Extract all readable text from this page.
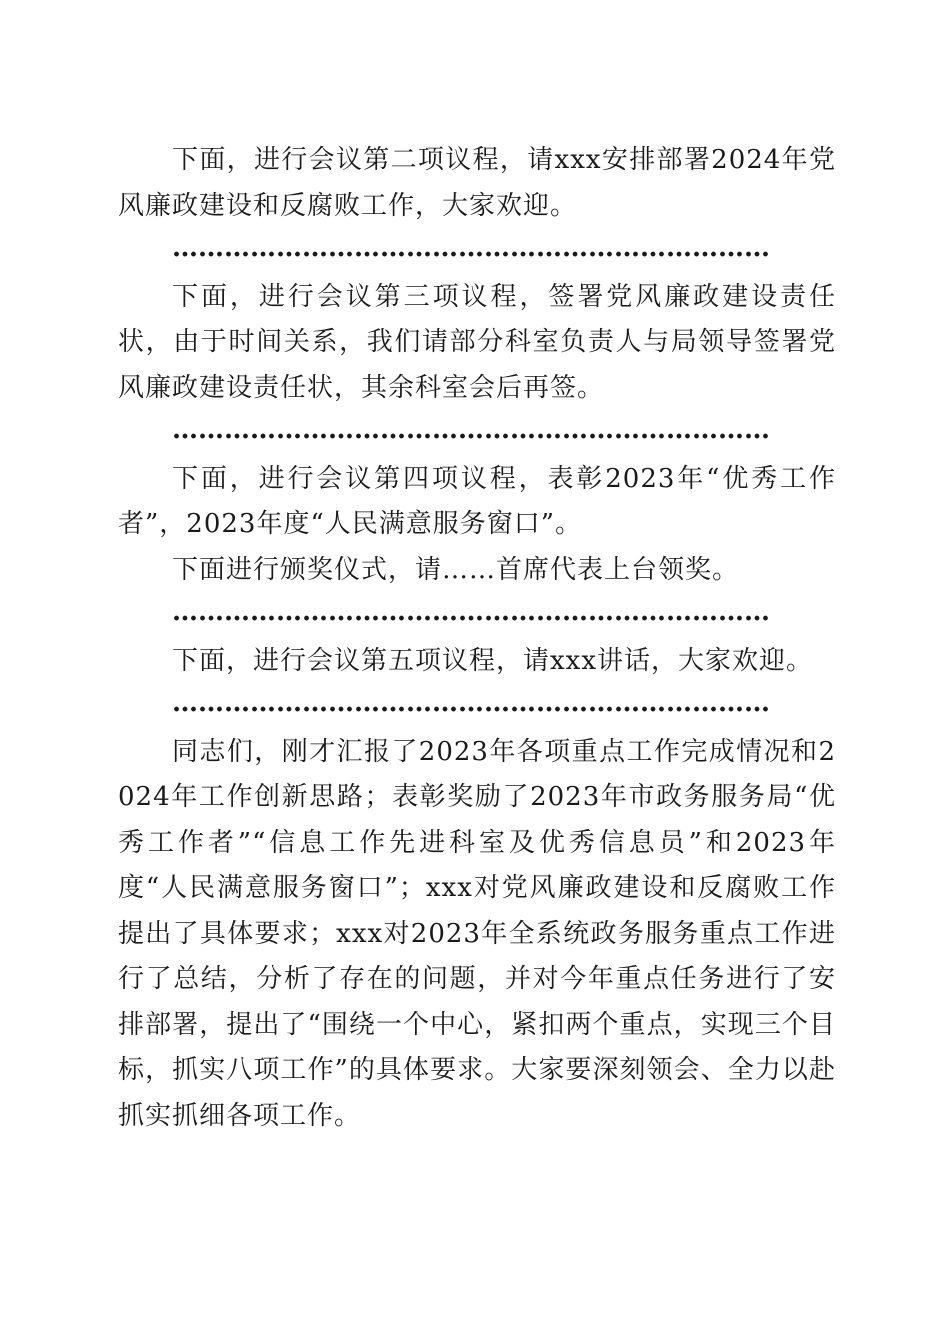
下面，进行会议第二项议程，请xxx安排部署2024年党风廉政建设和反腐败工作，大家欢迎。

……………………………………………………………

下面，进行会议第三项议程，签署党风廉政建设责任状，由于时间关系，我们请部分科室负责人与局领导签署党风廉政建设责任状，其余科室会后再签。

……………………………………………………………

下面，进行会议第四项议程，表彰2023年“优秀工作者”，2023年度“人民满意服务窗口”。

下面进行颁奖仪式，请……首席代表上台领奖。

……………………………………………………………

下面，进行会议第五项议程，请xxx讲话，大家欢迎。

……………………………………………………………

同志们，刚才汇报了2023年各项重点工作完成情况和2024年工作创新思路；表彰奖励了2023年市政务服务局“优秀工作者”“信息工作先进科室及优秀信息员”和2023年度“人民满意服务窗口”；xxx对党风廉政建设和反腐败工作提出了具体要求；xxx对2023年全系统政务服务重点工作进行了总结，分析了存在的问题，并对今年重点任务进行了安排部署，提出了“围绕一个中心，紧扣两个重点，实现三个目标，抓实八项工作”的具体要求。大家要深刻领会、全力以赴抓实抓细各项工作。
